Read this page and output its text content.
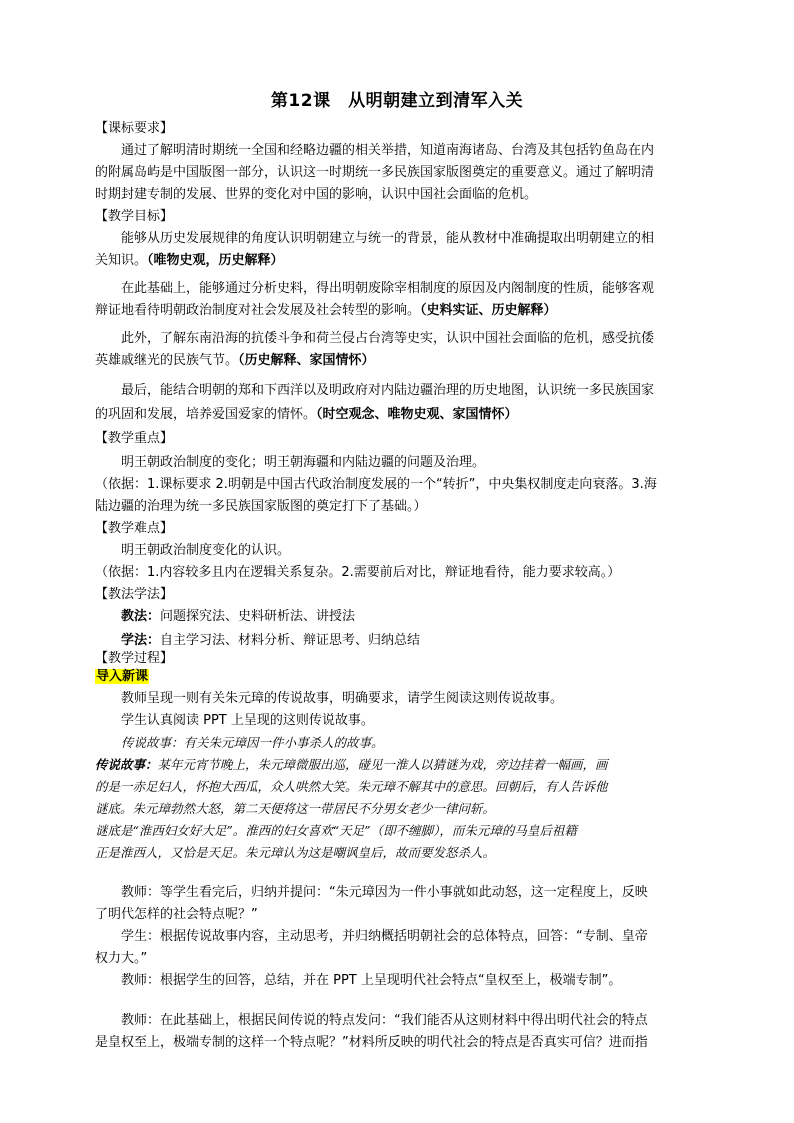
第12课　从明朝建立到清军入关
【课标要求】
通过了解明清时期统一全国和经略边疆的相关举措，知道南海诸岛、台湾及其包括钓鱼岛在内
的附属岛屿是中国版图一部分，认识这一时期统一多民族国家版图奠定的重要意义。通过了解明清
时期封建专制的发展、世界的变化对中国的影响，认识中国社会面临的危机。
【教学目标】
能够从历史发展规律的角度认识明朝建立与统一的背景，能从教材中准确提取出明朝建立的相
关知识。（唯物史观，历史解释）
在此基础上，能够通过分析史料，得出明朝废除宰相制度的原因及内阁制度的性质，能够客观
辩证地看待明朝政治制度对社会发展及社会转型的影响。（史料实证、历史解释）
此外，了解东南沿海的抗倭斗争和荷兰侵占台湾等史实，认识中国社会面临的危机，感受抗倭
英雄戚继光的民族气节。（历史解释、家国情怀）
最后，能结合明朝的郑和下西洋以及明政府对内陆边疆治理的历史地图，认识统一多民族国家
的巩固和发展，培养爱国爱家的情怀。（时空观念、唯物史观、家国情怀）
【教学重点】
明王朝政治制度的变化；明王朝海疆和内陆边疆的问题及治理。
（依据：1.课标要求 2.明朝是中国古代政治制度发展的一个“转折”，中央集权制度走向衰落。3.海
陆边疆的治理为统一多民族国家版图的奠定打下了基础。）
【教学难点】
明王朝政治制度变化的认识。
（依据：1.内容较多且内在逻辑关系复杂。2.需要前后对比，辩证地看待，能力要求较高。）
【教法学法】
教法：问题探究法、史料研析法、讲授法
学法：自主学习法、材料分析、辩证思考、归纳总结
【教学过程】
导入新课
教师呈现一则有关朱元璋的传说故事，明确要求，请学生阅读这则传说故事。
学生认真阅读 PPT 上呈现的这则传说故事。
传说故事：有关朱元璋因一件小事杀人的故事。
传说故事：某年元宵节晚上，朱元璋微服出巡，碰见一淮人以猜谜为戏，旁边挂着一幅画，画
的是一赤足妇人，怀抱大西瓜，众人哄然大笑。朱元璋不解其中的意思。回朝后，有人告诉他
谜底。朱元璋勃然大怒，第二天便将这一带居民不分男女老少一律问斩。
谜底是“淮西妇女好大足”。淮西的妇女喜欢“天足”（即不缠脚），而朱元璋的马皇后祖籍
正是淮西人，又恰是天足。朱元璋认为这是嘲讽皇后，故而要发怒杀人。
教师：等学生看完后，归纳并提问：“朱元璋因为一件小事就如此动怒，这一定程度上，反映
了明代怎样的社会特点呢？”
学生：根据传说故事内容，主动思考，并归纳概括明朝社会的总体特点，回答：“专制、皇帝
权力大。”
教师：根据学生的回答，总结，并在 PPT 上呈现明代社会特点“皇权至上，极端专制”。
教师：在此基础上，根据民间传说的特点发问：“我们能否从这则材料中得出明代社会的特点
是皇权至上，极端专制的这样一个特点呢？”材料所反映的明代社会的特点是否真实可信？进而指
